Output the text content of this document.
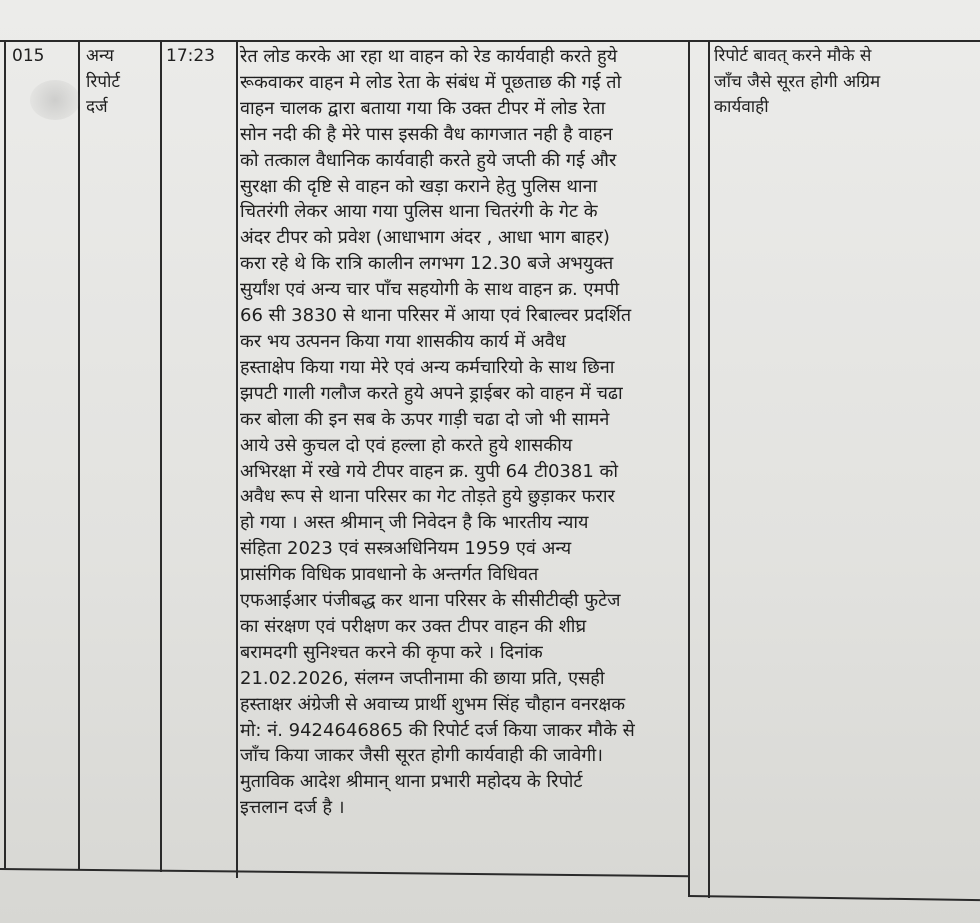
015 अन्य
रिपोर्ट
दर्ज
17:23 रेत लोड करके आ रहा था वाहन को रेड कार्यवाही करते हुये
रूकवाकर वाहन मे लोड रेता के संबंध में पूछताछ की गई तो
वाहन चालक द्वारा बताया गया कि उक्त टीपर में लोड रेता
सोन नदी की है मेरे पास इसकी वैध कागजात नही है वाहन
को तत्काल वैधानिक कार्यवाही करते हुये जप्ती की गई और
सुरक्षा की दृष्टि से वाहन को खड़ा कराने हेतु पुलिस थाना
चितरंगी लेकर आया गया पुलिस थाना चितरंगी के गेट के
अंदर टीपर को प्रवेश (आधाभाग अंदर , आधा भाग बाहर)
करा रहे थे कि रात्रि कालीन लगभग 12.30 बजे अभयुक्त
सुर्यांश एवं अन्य चार पाँच सहयोगी के साथ वाहन क्र. एमपी
66 सी 3830 से थाना परिसर में आया एवं रिबाल्वर प्रदर्शित
कर भय उत्पनन किया गया शासकीय कार्य में अवैध
हस्ताक्षेप किया गया मेरे एवं अन्य कर्मचारियो के साथ छिना
झपटी गाली गलौज करते हुये अपने ड्राईबर को वाहन में चढा
कर बोला की इन सब के ऊपर गाड़ी चढा दो जो भी सामने
आये उसे कुचल दो एवं हल्ला हो करते हुये शासकीय
अभिरक्षा में रखे गये टीपर वाहन क्र. युपी 64 टी0381 को
अवैध रूप से थाना परिसर का गेट तोड़ते हुये छुड़ाकर फरार
हो गया । अस्त श्रीमान् जी निवेदन है कि भारतीय न्याय
संहिता 2023 एवं सस्त्रअधिनियम 1959 एवं अन्य
प्रासंगिक विधिक प्रावधानो के अन्तर्गत विधिवत
एफआईआर पंजीबद्ध कर थाना परिसर के सीसीटीव्ही फुटेज
का संरक्षण एवं परीक्षण कर उक्त टीपर वाहन की शीघ्र
बरामदगी सुनिश्चत करने की कृपा करे । दिनांक
21.02.2026, संलग्न जप्तीनामा की छाया प्रति, एसही
हस्ताक्षर अंग्रेजी से अवाच्य प्रार्थी शुभम सिंह चौहान वनरक्षक
मो: नं. 9424646865 की रिपोर्ट दर्ज किया जाकर मौके से
जाँच किया जाकर जैसी सूरत होगी कार्यवाही की जावेगी।
मुताविक आदेश श्रीमान् थाना प्रभारी महोदय के रिपोर्ट
इत्तलान दर्ज है ।
रिपोर्ट बावत् करने मौके से
जाँच जैसे सूरत होगी अग्रिम
कार्यवाही
